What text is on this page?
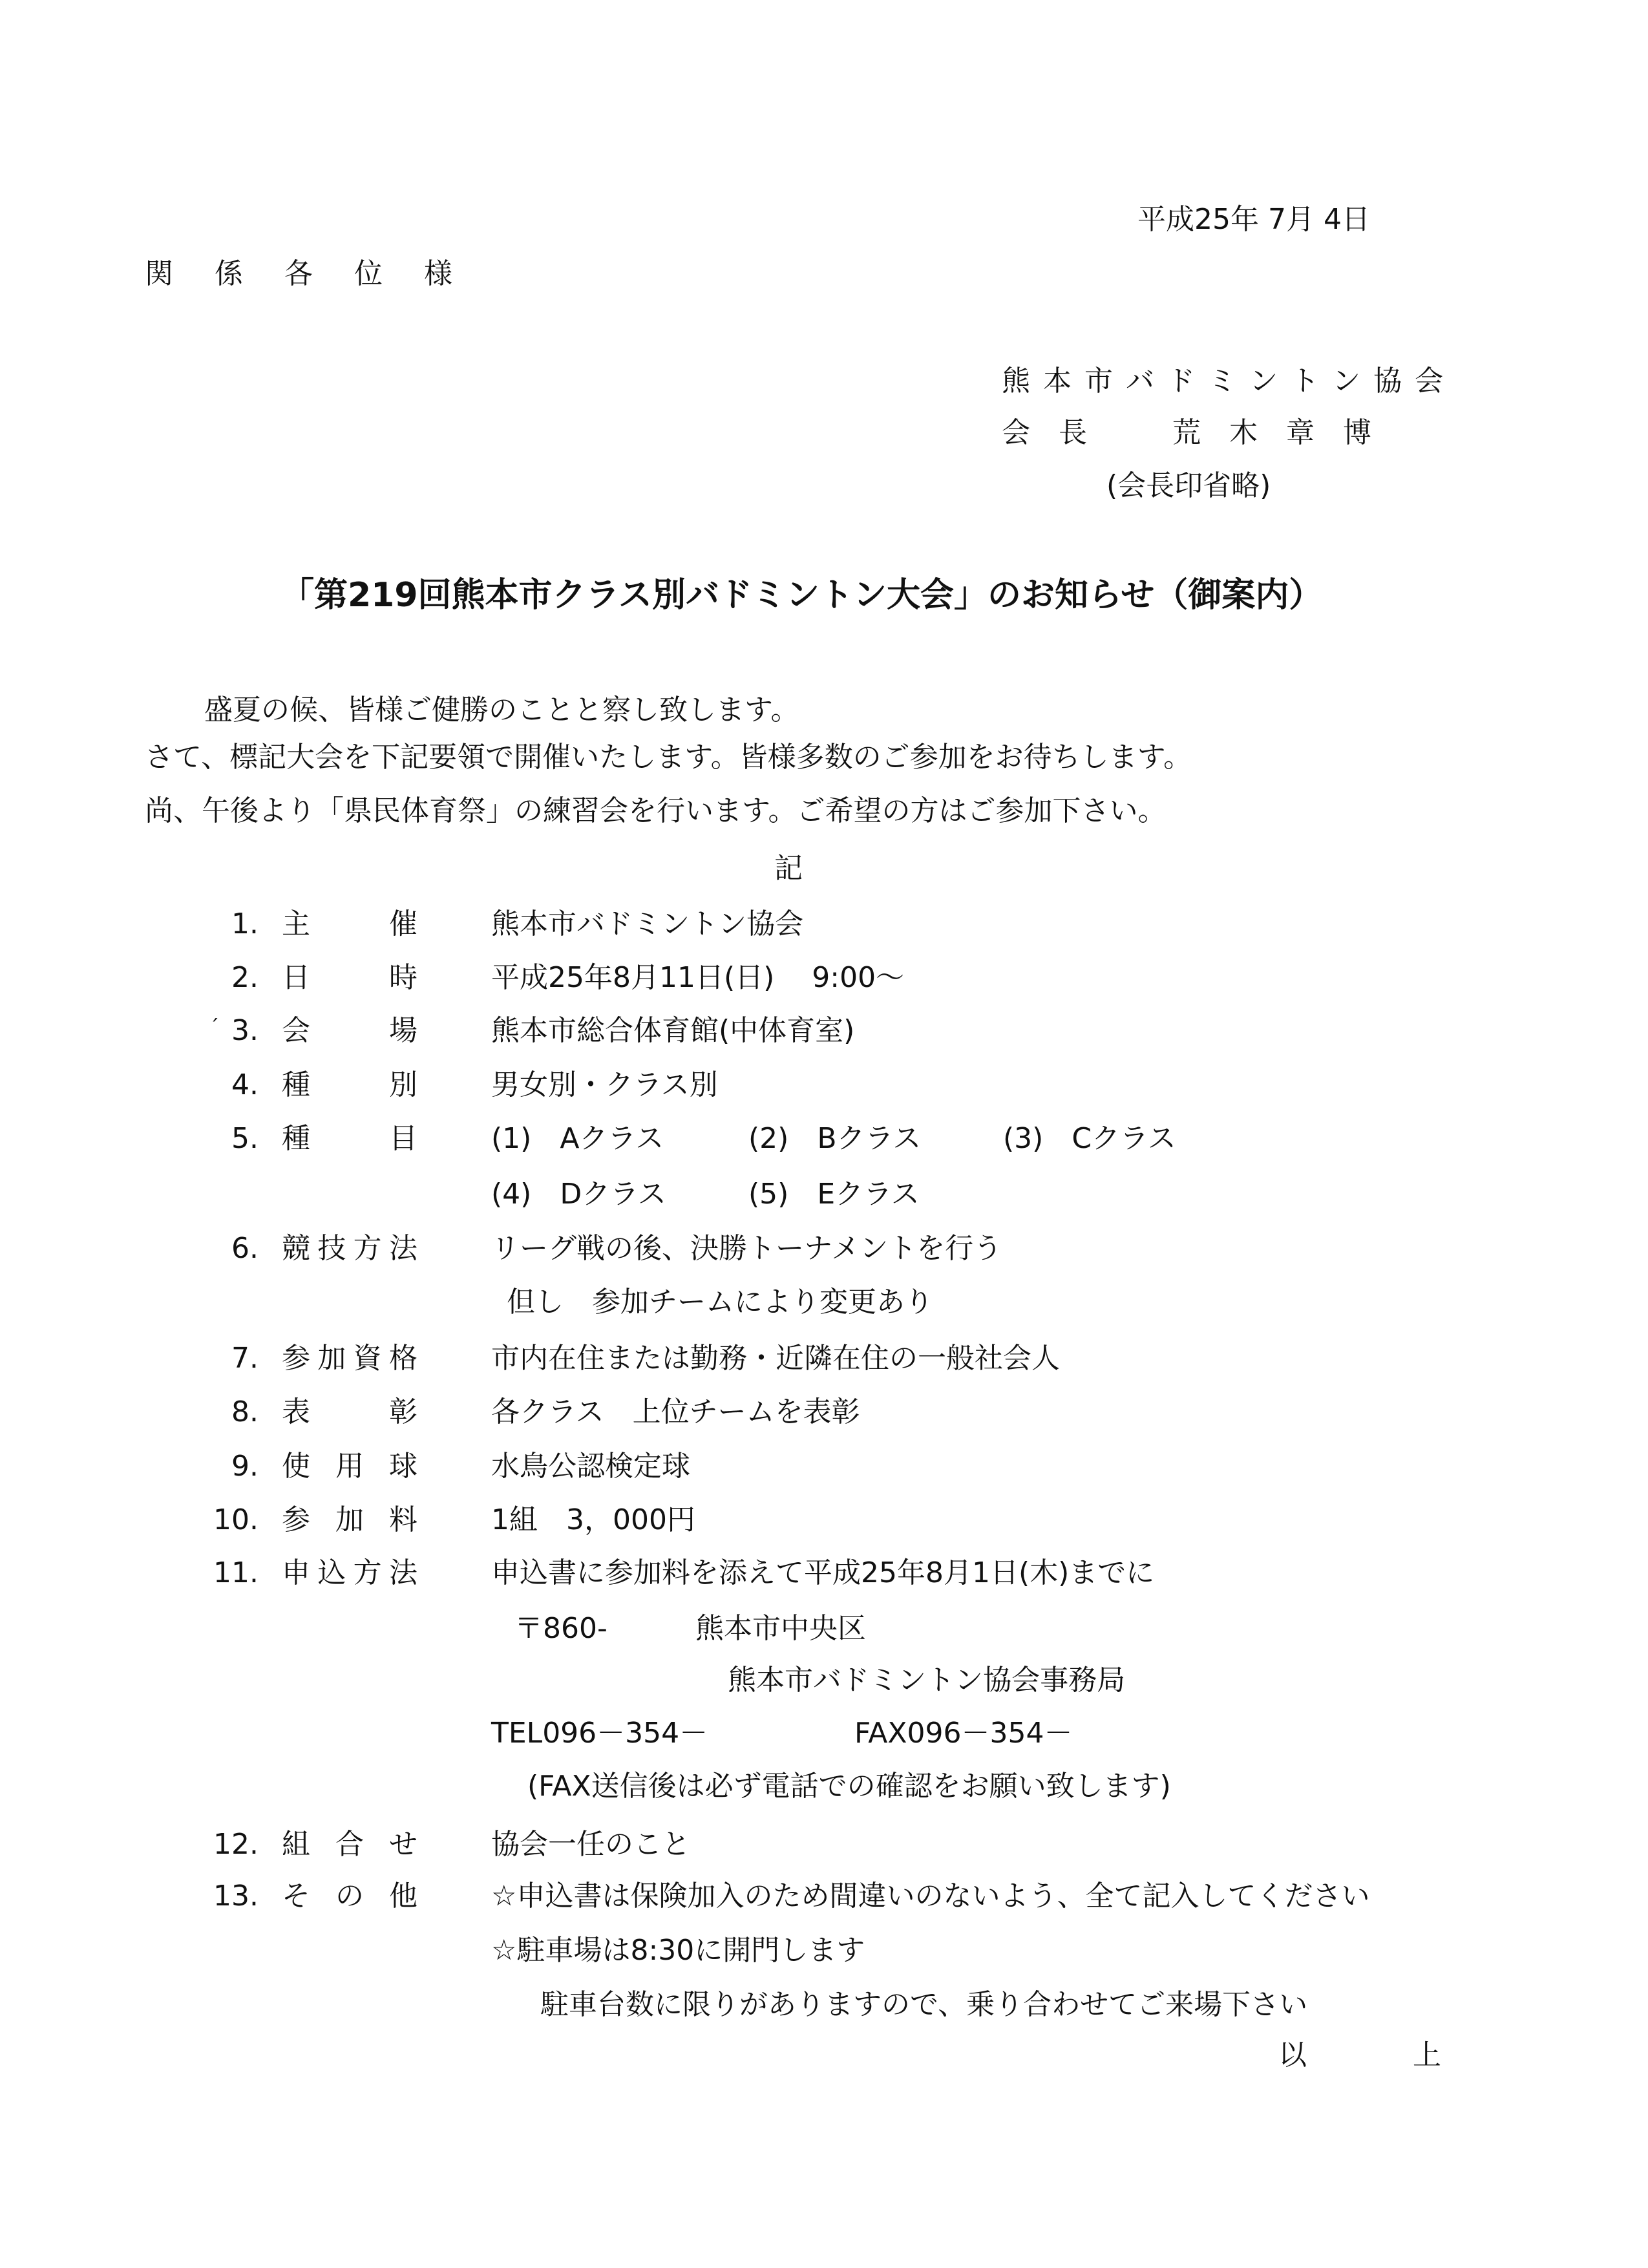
平成25年 7月 4日
関係各位様
熊本市バドミントン協会
会長　荒木章博
(会長印省略)
「第219回熊本市クラス別バドミントン大会」のお知らせ（御案内）
盛夏の候、皆様ご健勝のことと察し致します。
さて、標記大会を下記要領で開催いたします。皆様多数のご参加をお待ちします。
尚、午後より「県民体育祭」の練習会を行います。ご希望の方はご参加下さい。
記
1. 主催	熊本市バドミントン協会
2. 日時	平成25年8月11日(日)　 9:00〜
´ 3. 会場	熊本市総合体育館(中体育室)
4. 種別	男女別・クラス別
5. 種目	(1)　Aクラス	(2)　Bクラス	(3)　Cクラス
(4)　Dクラス	(5)　Eクラス
6. 競技方法	リーグ戦の後、決勝トーナメントを行う
但し　参加チームにより変更あり
7. 参加資格	市内在住または勤務・近隣在住の一般社会人
8. 表彰	各クラス　上位チームを表彰
9. 使用球	水鳥公認検定球
10. 参加料	1組　3，000円
11. 申込方法	申込書に参加料を添えて平成25年8月1日(木)までに
〒860-	熊本市中央区
熊本市バドミントン協会事務局
TEL096－354－	FAX096－354－
(FAX送信後は必ず電話での確認をお願い致します)
12. 組合せ	協会一任のこと
13. その他	☆申込書は保険加入のため間違いのないよう、全て記入してください
☆駐車場は8:30に開門します
駐車台数に限りがありますので、乗り合わせてご来場下さい
以　上
